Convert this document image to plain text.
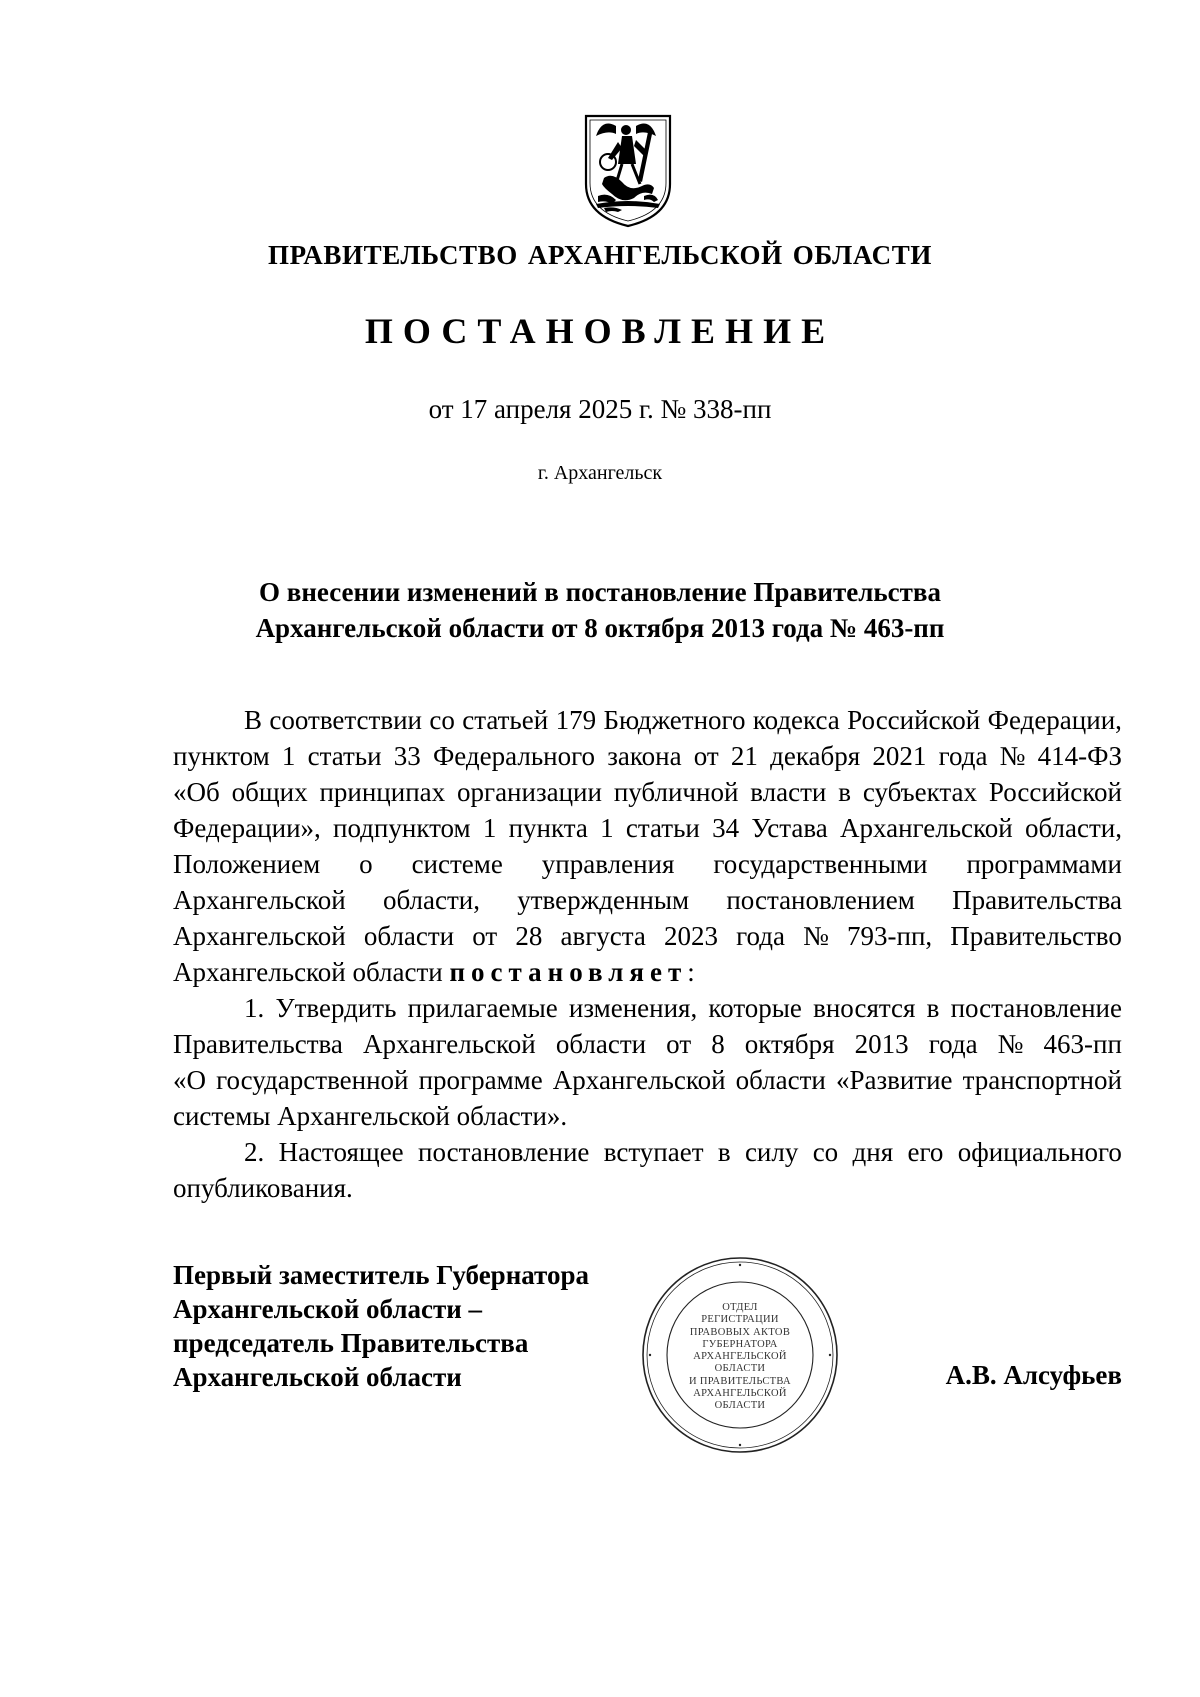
ПРАВИТЕЛЬСТВО АРХАНГЕЛЬСКОЙ ОБЛАСТИ
ПОСТАНОВЛЕНИЕ
от 17 апреля 2025 г. № 338-пп
г. Архангельск
О внесении изменений в постановление Правительства
Архангельской области от 8 октября 2013 года № 463-пп
В соответствии со статьей 179 Бюджетного кодекса Российской Федерации,
пунктом 1 статьи 33 Федерального закона от 21 декабря 2021 года № 414-ФЗ
«Об общих принципах организации публичной власти в субъектах Российской
Федерации», подпунктом 1 пункта 1 статьи 34 Устава Архангельской области,
Положением о системе управления государственными программами
Архангельской области, утвержденным постановлением Правительства
Архангельской области от 28 августа 2023 года № 793-пп, Правительство
Архангельской области постановляет :
1. Утвердить прилагаемые изменения, которые вносятся в постановление
Правительства Архангельской области от 8 октября 2013 года № 463-пп
«О государственной программе Архангельской области «Развитие транспортной
системы Архангельской области».
2. Настоящее постановление вступает в силу со дня его официального
опубликования.
Первый заместитель Губернатора
Архангельской области –
председатель Правительства
Архангельской области
ОТДЕЛ
РЕГИСТРАЦИИ
ПРАВОВЫХ АКТОВ
ГУБЕРНАТОРА
АРХАНГЕЛЬСКОЙ
ОБЛАСТИ
И ПРАВИТЕЛЬСТВА
АРХАНГЕЛЬСКОЙ
ОБЛАСТИ
А.В. Алсуфьев
